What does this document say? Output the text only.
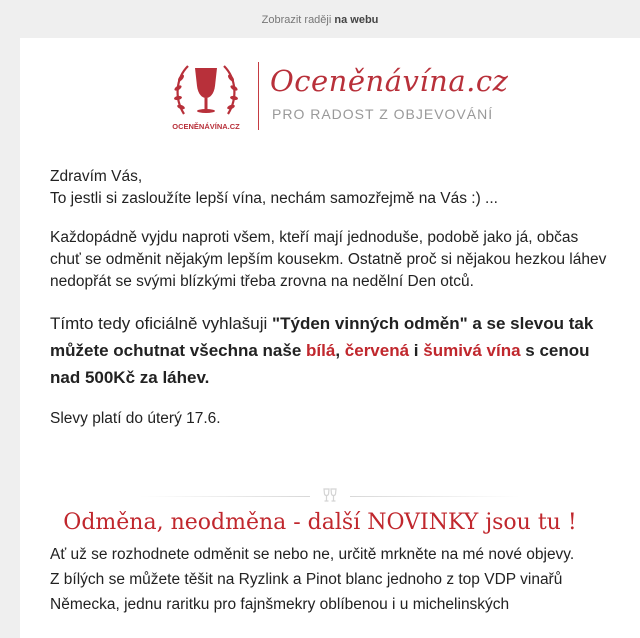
Zobrazit raději na webu
OCENĚNÁVÍNA.CZ
Oceněnávína.cz
PRO RADOST Z OBJEVOVÁNÍ

Zdravím Vás,
To jestli si zasloužíte lepší vína, nechám samozřejmě na Vás :) ...

Každopádně vyjdu naproti všem, kteří mají jednoduše, podobě jako já, občas chuť se odměnit nějakým lepším kousekm. Ostatně proč si nějakou hezkou láhev nedopřát se svými blízkými třeba zrovna na nedělní Den otců.

Tímto tedy oficiálně vyhlašuji "Týden vinných odměn" a se slevou tak můžete ochutnat všechna naše bílá, červená i šumivá vína s cenou nad 500Kč za láhev.

Slevy platí do úterý 17.6.

Odměna, neodměna - další NOVINKY jsou tu !

Ať už se rozhodnete odměnit se nebo ne, určitě mrkněte na mé nové objevy.

Z bílých se můžete těšit na Ryzlink a Pinot blanc jednoho z top VDP vinařů

Německa, jednu raritku pro fajnšmekry oblíbenou i u michelinských
